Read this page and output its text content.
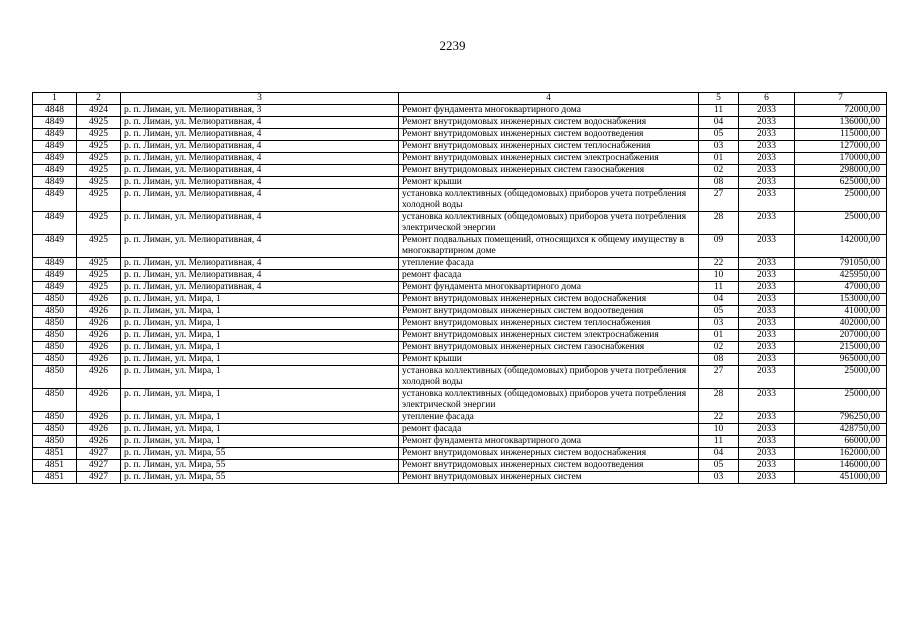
2239
1	2	3	4	5	6	7
4848	4924	р. п. Лиман, ул. Мелиоративная, 3	Ремонт фундамента многоквартирного дома	11	2033	72000,00
4849	4925	р. п. Лиман, ул. Мелиоративная, 4	Ремонт внутридомовых инженерных систем водоснабжения	04	2033	136000,00
4849	4925	р. п. Лиман, ул. Мелиоративная, 4	Ремонт внутридомовых инженерных систем водоотведения	05	2033	115000,00
4849	4925	р. п. Лиман, ул. Мелиоративная, 4	Ремонт внутридомовых инженерных систем теплоснабжения	03	2033	127000,00
4849	4925	р. п. Лиман, ул. Мелиоративная, 4	Ремонт внутридомовых инженерных систем электроснабжения	01	2033	170000,00
4849	4925	р. п. Лиман, ул. Мелиоративная, 4	Ремонт внутридомовых инженерных систем газоснабжения	02	2033	298000,00
4849	4925	р. п. Лиман, ул. Мелиоративная, 4	Ремонт крыши	08	2033	625000,00
4849	4925	р. п. Лиман, ул. Мелиоративная, 4	установка коллективных (общедомовых) приборов учета потребления холодной воды	27	2033	25000,00
4849	4925	р. п. Лиман, ул. Мелиоративная, 4	установка коллективных (общедомовых) приборов учета потребления электрической энергии	28	2033	25000,00
4849	4925	р. п. Лиман, ул. Мелиоративная, 4	Ремонт подвальных помещений, относящихся к общему имуществу в многоквартирном доме	09	2033	142000,00
4849	4925	р. п. Лиман, ул. Мелиоративная, 4	утепление фасада	22	2033	791050,00
4849	4925	р. п. Лиман, ул. Мелиоративная, 4	ремонт фасада	10	2033	425950,00
4849	4925	р. п. Лиман, ул. Мелиоративная, 4	Ремонт фундамента многоквартирного дома	11	2033	47000,00
4850	4926	р. п. Лиман, ул. Мира, 1	Ремонт внутридомовых инженерных систем водоснабжения	04	2033	153000,00
4850	4926	р. п. Лиман, ул. Мира, 1	Ремонт внутридомовых инженерных систем водоотведения	05	2033	41000,00
4850	4926	р. п. Лиман, ул. Мира, 1	Ремонт внутридомовых инженерных систем теплоснабжения	03	2033	402000,00
4850	4926	р. п. Лиман, ул. Мира, 1	Ремонт внутридомовых инженерных систем электроснабжения	01	2033	207000,00
4850	4926	р. п. Лиман, ул. Мира, 1	Ремонт внутридомовых инженерных систем газоснабжения	02	2033	215000,00
4850	4926	р. п. Лиман, ул. Мира, 1	Ремонт крыши	08	2033	965000,00
4850	4926	р. п. Лиман, ул. Мира, 1	установка коллективных (общедомовых) приборов учета потребления холодной воды	27	2033	25000,00
4850	4926	р. п. Лиман, ул. Мира, 1	установка коллективных (общедомовых) приборов учета потребления электрической энергии	28	2033	25000,00
4850	4926	р. п. Лиман, ул. Мира, 1	утепление фасада	22	2033	796250,00
4850	4926	р. п. Лиман, ул. Мира, 1	ремонт фасада	10	2033	428750,00
4850	4926	р. п. Лиман, ул. Мира, 1	Ремонт фундамента многоквартирного дома	11	2033	66000,00
4851	4927	р. п. Лиман, ул. Мира, 55	Ремонт внутридомовых инженерных систем водоснабжения	04	2033	162000,00
4851	4927	р. п. Лиман, ул. Мира, 55	Ремонт внутридомовых инженерных систем водоотведения	05	2033	146000,00
4851	4927	р. п. Лиман, ул. Мира, 55	Ремонт внутридомовых инженерных систем	03	2033	451000,00
